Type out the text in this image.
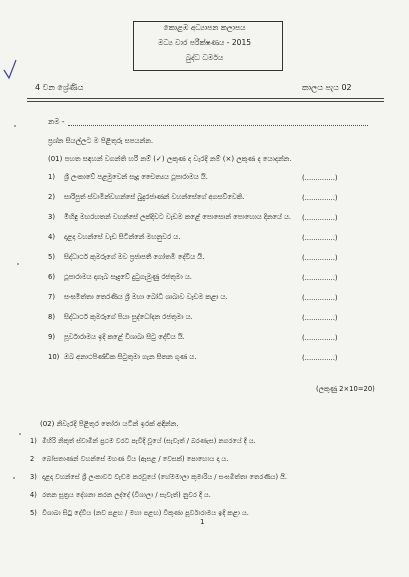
කොළඹ අධ්‍යාපන කලාපය
මධ්‍ය වාර පරීක්ෂණය - 2015
බුද්ධ ධර්මය
4 වන ශ්‍රේණිය	කාලය පැය 02
නම -
ප්‍රශ්න සියල්ලට ම පිළිතුරු සපයන්න.
(01) පහත සඳහන් වගන්ති හරි නම් (✓) ලකුණ ද වැරදි නම් (×) ලකුණ ද යොදන්න.
1) ශ්‍රී ලංකාවේ පළමුවෙන් සෑදූ චෛත්‍යය ථූපාරාමය යි.	(..............)
2) සාරිපුත් ස්වාමීන්වහන්සේ බුදුරජාණන් වහන්සේගේ අගසව්වෙකි.	(..............)
3) මිහිඳු මහරහතන් වහන්සේ ලක්දිවට වැඩම කළේ පොසොන් පොහොය දිනයේ ය. (..............)
4) දළදා වහන්සේ වැඩ සිටින්නේ මහනුවර ය.	(..............)
5) සිද්ධාර්ථ කුමරුගේ මව ප්‍රජාපතී ගෝතමී දේවිය යි.	(..............)
6) ථූපාරාමය දාගැබ සෑදුවේ දුටුගැමුණු රජතුමා ය.	(..............)
7) සංඝමිත්තා තෙරණිය ශ්‍රී මහා බෝධි ශාඛාව වැඩම කළා ය.	(..............)
8) සිද්ධාර්ථ කුමරුගේ පියා සුද්ධෝදන රජතුමා ය.	(..............)
9) පූර්වාරාමය ඉදි කළේ විශාඛා සිටු දේවිය යි.	(..............)
10) ඔබ අනාථපිණ්ඩික සිටුතුමා ගැන සිතන ගුණ ය.	(..............)
(ලකුණු 2×10=20)
(02) නිවැරදි පිළිතුර තෝරා යටින් ඉරක් අඳින්න.
1) මිහිරි නිකුත් ස්වාමීන් ප්‍රථම වරට පැවිදි වූයේ (සැවැත් / බරණැස) නගරයේ දී ය.
2 බෝසතාණන් වහන්සේ මහණ විය (ඇසළ / වෙසක්) පොහොය දා ය.
3) දළදා වහන්සේ ශ්‍රී ලංකාවට වැඩම කරවූයේ (හේමමාලා කුමාරිය / සංඝමිත්තා තෙරණිය) යි.
4) රතන සූත්‍රය දේශනා කරන ලද්දේ (විශාලා / සැවැත්) නුවර දී ය.
5) විශාඛා සිටු දේවිය (නව පළඟ / මහා පළඟ) විකුණා පූර්වාරාමය ඉදි කළා ය.
1
